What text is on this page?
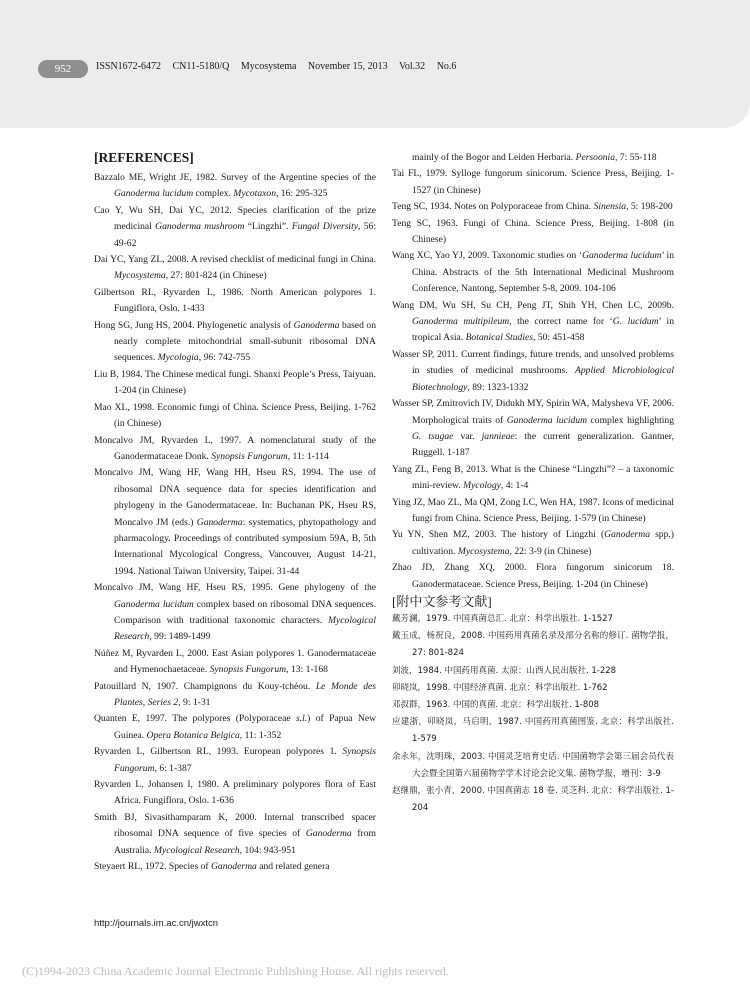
952	ISSN1672-6472 CN11-5180/Q Mycosystema November 15, 2013 Vol.32 No.6
[REFERENCES]

Bazzalo ME, Wright JE, 1982. Survey of the Argentine species of the Ganoderma lucidum complex. Mycotaxon, 16: 295-325

Cao Y, Wu SH, Dai YC, 2012. Species clarification of the prize medicinal Ganoderma mushroom “Lingzhi”. Fungal Diversity, 56: 49-62

Dai YC, Yang ZL, 2008. A revised checklist of medicinal fungi in China. Mycosystema, 27: 801-824 (in Chinese)

Gilbertson RL, Ryvarden L, 1986. North American polypores 1. Fungiflora, Oslo. 1-433

Hong SG, Jung HS, 2004. Phylogenetic analysis of Ganoderma based on nearly complete mitochondrial small-subunit ribosomal DNA sequences. Mycologia, 96: 742-755

Liu B, 1984. The Chinese medical fungi. Shanxi People’s Press, Taiyuan. 1-204 (in Chinese)

Mao XL, 1998. Economic fungi of China. Science Press, Beijing. 1-762 (in Chinese)

Moncalvo JM, Ryvarden L, 1997. A nomenclatural study of the Ganodermataceae Donk. Synopsis Fungorum, 11: 1-114

Moncalvo JM, Wang HF, Wang HH, Hseu RS, 1994. The use of ribosomal DNA sequence data for species identification and phylogeny in the Ganodermataceae. In: Buchanan PK, Hseu RS, Moncalvo JM (eds.) Ganoderma: systematics, phytopathology and pharmacology. Proceedings of contributed symposium 59A, B, 5th International Mycological Congress, Vancouver, August 14-21, 1994. National Taiwan University, Taipei. 31-44

Moncalvo JM, Wang HF, Hseu RS, 1995. Gene phylogeny of the Ganoderma lucidum complex based on ribosomal DNA sequences. Comparison with traditional taxonomic characters. Mycological Research, 99: 1489-1499

Núñez M, Ryvarden L, 2000. East Asian polypores 1. Ganodermataceae and Hymenochaetaceae. Synopsis Fungorum, 13: 1-168

Patouillard N, 1907. Champignons du Kouy-tchéou. Le Monde des Plantes, Series 2, 9: 1-31

Quanten E, 1997. The polypores (Polyporaceae s.l.) of Papua New Guinea. Opera Botanica Belgica, 11: 1-352

Ryvarden L, Gilbertson RL, 1993. European polypores 1. Synopsis Fungorum, 6: 1-387

Ryvarden L, Johansen I, 1980. A preliminary polypores flora of East Africa. Fungiflora, Oslo. 1-636

Smith BJ, Sivasithamparam K, 2000. Internal transcribed spacer ribosomal DNA sequence of five species of Ganoderma from Australia. Mycological Research, 104: 943-951

Steyaert RL, 1972. Species of Ganoderma and related genera

mainly of the Bogor and Leiden Herbaria. Persoonia, 7: 55-118

Tai FL, 1979. Sylloge fungorum sinicorum. Science Press, Beijing. 1-1527 (in Chinese)

Teng SC, 1934. Notes on Polyporaceae from China. Sinensia, 5: 198-200

Teng SC, 1963. Fungi of China. Science Press, Beijing. 1-808 (in Chinese)

Wang XC, Yao YJ, 2009. Taxonomic studies on ‘Ganoderma lucidum’ in China. Abstracts of the 5th International Medicinal Mushroom Conference, Nantong, September 5-8, 2009. 104-106

Wang DM, Wu SH, Su CH, Peng JT, Shih YH, Chen LC, 2009b. Ganoderma multipileum, the correct name for ‘G. lucidum’ in tropical Asia. Botanical Studies, 50: 451-458

Wasser SP, 2011. Current findings, future trends, and unsolved problems in studies of medicinal mushrooms. Applied Microbiological Biotechnology, 89: 1323-1332

Wasser SP, Zmitrovich IV, Didukh MY, Spirin WA, Malysheva VF, 2006. Morphological traits of Ganoderma lucidum complex highlighting G. tsugae var. jannieae: the current generalization. Gantner, Ruggell. 1-187

Yang ZL, Feng B, 2013. What is the Chinese “Lingzhi”? – a taxonomic mini-review. Mycology, 4: 1-4

Ying JZ, Mao ZL, Ma QM, Zong LC, Wen HA, 1987. Icons of medicinal fungi from China. Science Press, Beijing. 1-579 (in Chinese)

Yu YN, Shen MZ, 2003. The history of Lingzhi (Ganoderma spp.) cultivation. Mycosystema, 22: 3-9 (in Chinese)

Zhao JD, Zhang XQ, 2000. Flora fungorum sinicorum 18. Ganodermataceae. Science Press, Beijing. 1-204 (in Chinese)

[附中文参考文献]

戴芳澜，1979. 中国真菌总汇. 北京：科学出版社. 1-1527

戴玉成，杨祝良，2008. 中国药用真菌名录及部分名称的修订. 菌物学报，27: 801-824

刘波，1984. 中国药用真菌. 太原：山西人民出版社. 1-228

卯晓岚，1998. 中国经济真菌. 北京：科学出版社. 1-762

邓叔群，1963. 中国的真菌. 北京：科学出版社. 1-808

应建浙，卯晓岚，马启明，1987. 中国药用真菌图鉴. 北京：科学出版社. 1-579

余永年，沈明珠，2003. 中国灵芝培育史话. 中国菌物学会第三届会员代表大会暨全国第六届菌物学学术讨论会论文集. 菌物学报，增刊：3-9

赵继鼎，张小青，2000. 中国真菌志 18 卷. 灵芝科. 北京：科学出版社. 1-204

http://journals.im.ac.cn/jwxtcn
(C)1994-2023 China Academic Journal Electronic Publishing House. All rights reserved.
